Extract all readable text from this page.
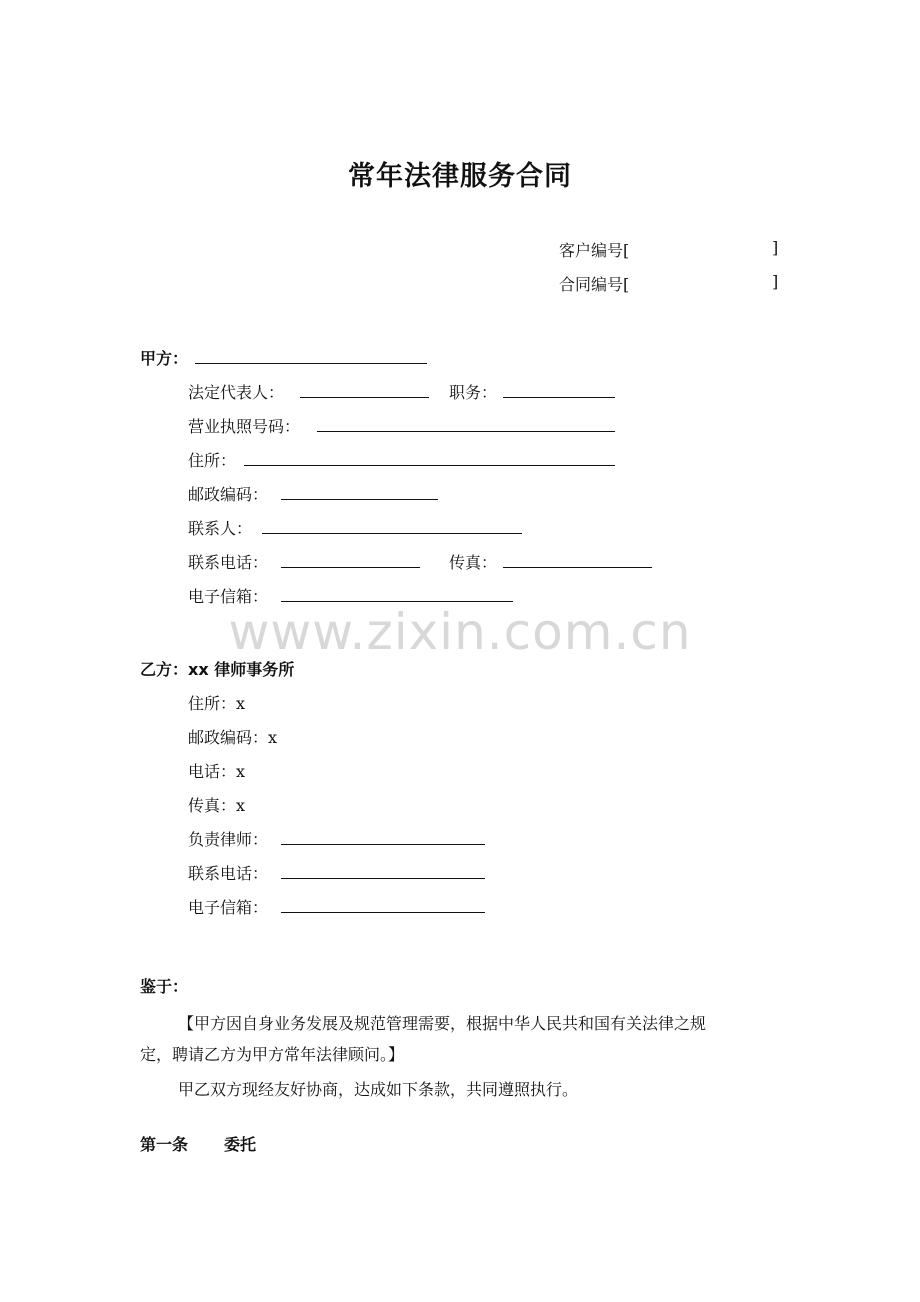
常年法律服务合同
客户编号[	]
合同编号[	]
甲方：
法定代表人：	职务：
营业执照号码：
住所：
邮政编码：
联系人：
联系电话：	传真：
电子信箱：
www.zixin.com.cn
乙方：xx 律师事务所
住所：x
邮政编码：x
电话：x
传真：x
负责律师：
联系电话：
电子信箱：
鉴于：
【甲方因自身业务发展及规范管理需要，根据中华人民共和国有关法律之规
定，聘请乙方为甲方常年法律顾问。】
甲乙双方现经友好协商，达成如下条款，共同遵照执行。
第一条 委托
